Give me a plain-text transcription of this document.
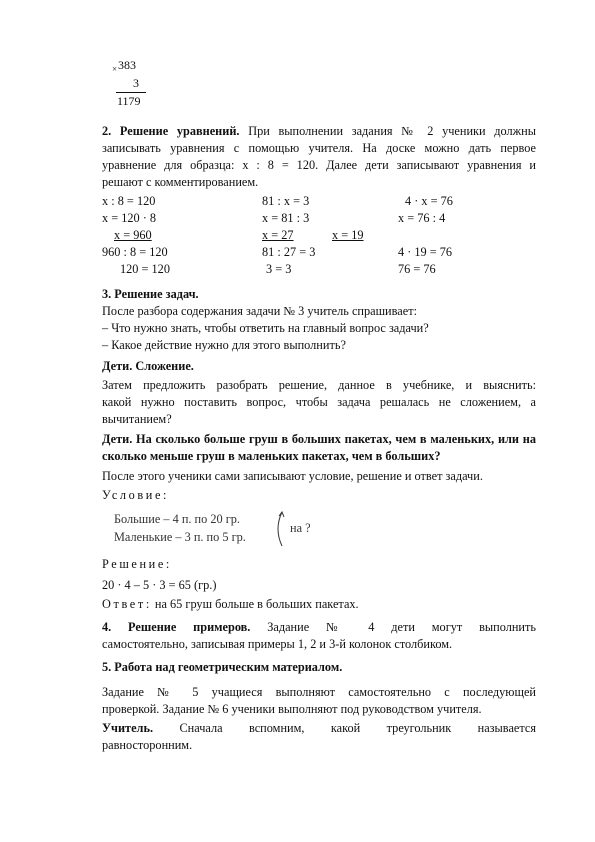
× 383
3
1179
2. Решение уравнений. При выполнении задания № 2 ученики должны
записывать уравнения с помощью учителя. На доске можно дать первое
уравнение для образца: x : 8 = 120. Далее дети записывают уравнения и
решают с комментированием.
x : 8 = 120
x = 120 · 8
x = 960
960 : 8 = 120
120 = 120
81 : x = 3
x = 81 : 3
x = 27	x = 19
81 : 27 = 3
3 = 3
4 · x = 76
x = 76 : 4
4 · 19 = 76
76 = 76
3. Решение задач.
После разбора содержания задачи № 3 учитель спрашивает:
– Что нужно знать, чтобы ответить на главный вопрос задачи?
– Какое действие нужно для этого выполнить?
Дети. Сложение.
Затем предложить разобрать решение, данное в учебнике, и выяснить:
какой нужно поставить вопрос, чтобы задача решалась не сложением, а
вычитанием?
Дети. На сколько больше груш в больших пакетах, чем в маленьких, или на
сколько меньше груш в маленьких пакетах, чем в больших?
После этого ученики сами записывают условие, решение и ответ задачи.
Условие:
Большие – 4 п. по 20 гр.
Маленькие – 3 п. по 5 гр.
на ?
Решение:
20 · 4 – 5 · 3 = 65 (гр.)
Ответ: на 65 груш больше в больших пакетах.
4. Решение примеров. Задание № 4 дети могут выполнить
самостоятельно, записывая примеры 1, 2 и 3-й колонок столбиком.
5. Работа над геометрическим материалом.
Задание № 5 учащиеся выполняют самостоятельно с последующей
проверкой. Задание № 6 ученики выполняют под руководством учителя.
Учитель. Сначала вспомним, какой треугольник называется
равносторонним.
